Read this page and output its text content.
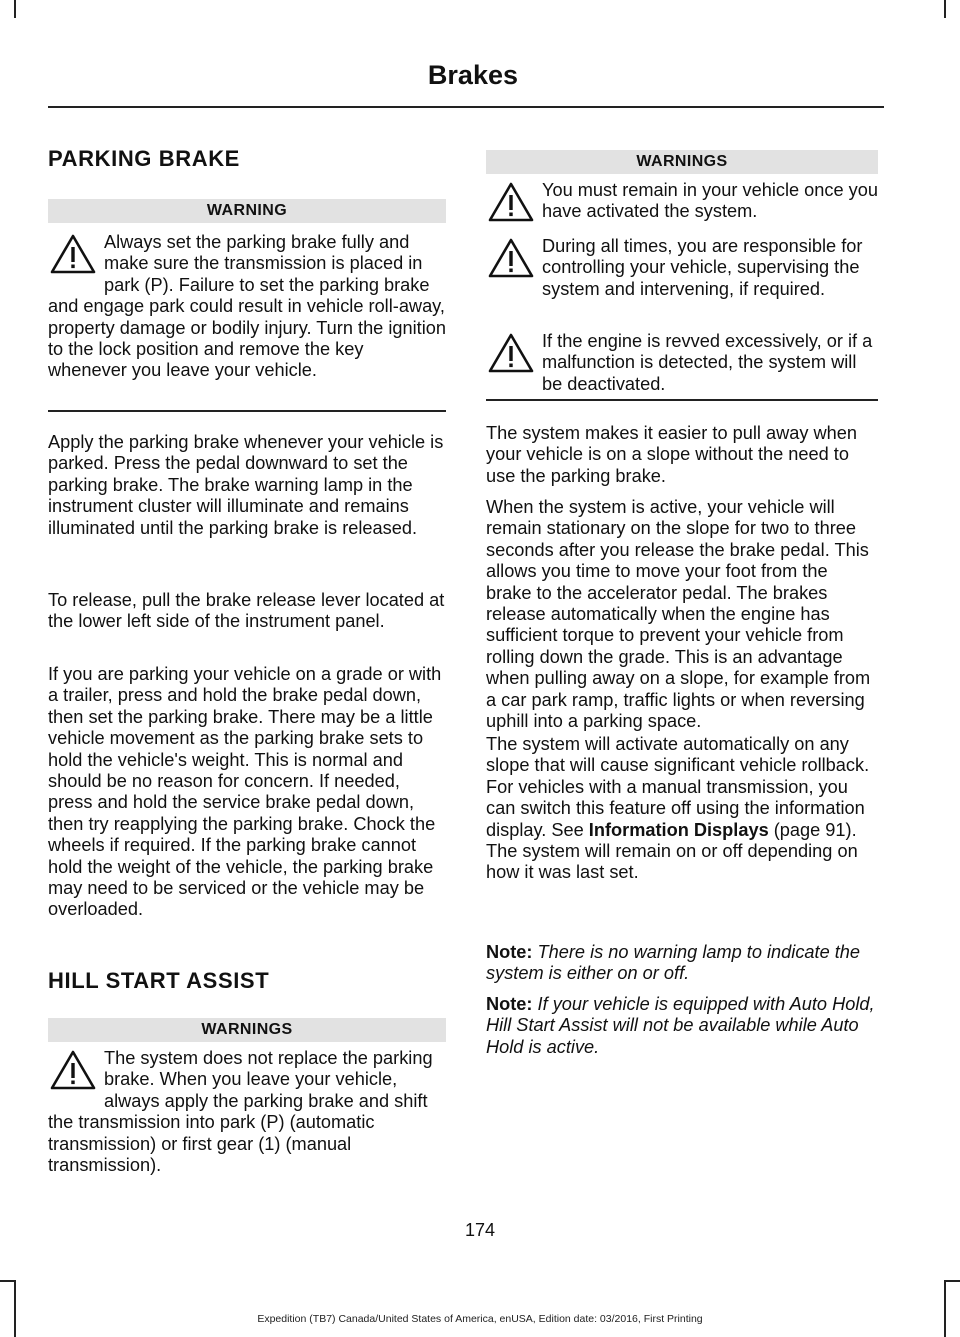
Brakes
PARKING BRAKE
WARNING

Always set the parking brake fully and make sure the transmission is placed in park (P). Failure to set the parking brake and engage park could result in vehicle roll-away, property damage or bodily injury. Turn the ignition to the lock position and remove the key whenever you leave your vehicle.

Apply the parking brake whenever your vehicle is parked. Press the pedal downward to set the parking brake. The brake warning lamp in the instrument cluster will illuminate and remains illuminated until the parking brake is released.

To release, pull the brake release lever located at the lower left side of the instrument panel.

If you are parking your vehicle on a grade or with a trailer, press and hold the brake pedal down, then set the parking brake. There may be a little vehicle movement as the parking brake sets to hold the vehicle's weight. This is normal and should be no reason for concern. If needed, press and hold the service brake pedal down, then try reapplying the parking brake. Chock the wheels if required. If the parking brake cannot hold the weight of the vehicle, the parking brake may need to be serviced or the vehicle may be overloaded.

HILL START ASSIST
WARNINGS

The system does not replace the parking brake. When you leave your vehicle, always apply the parking brake and shift the transmission into park (P) (automatic transmission) or first gear (1) (manual transmission).

WARNINGS

You must remain in your vehicle once you have activated the system.

During all times, you are responsible for controlling your vehicle, supervising the system and intervening, if required.

If the engine is revved excessively, or if a malfunction is detected, the system will be deactivated.

The system makes it easier to pull away when your vehicle is on a slope without the need to use the parking brake.

When the system is active, your vehicle will remain stationary on the slope for two to three seconds after you release the brake pedal. This allows you time to move your foot from the brake to the accelerator pedal. The brakes release automatically when the engine has sufficient torque to prevent your vehicle from rolling down the grade. This is an advantage when pulling away on a slope, for example from a car park ramp, traffic lights or when reversing uphill into a parking space.

The system will activate automatically on any slope that will cause significant vehicle rollback. For vehicles with a manual transmission, you can switch this feature off using the information display. See Information Displays (page 91). The system will remain on or off depending on how it was last set.

Note: There is no warning lamp to indicate the system is either on or off.

Note: If your vehicle is equipped with Auto Hold, Hill Start Assist will not be available while Auto Hold is active.

174
Expedition (TB7) Canada/United States of America, enUSA, Edition date: 03/2016, First Printing
